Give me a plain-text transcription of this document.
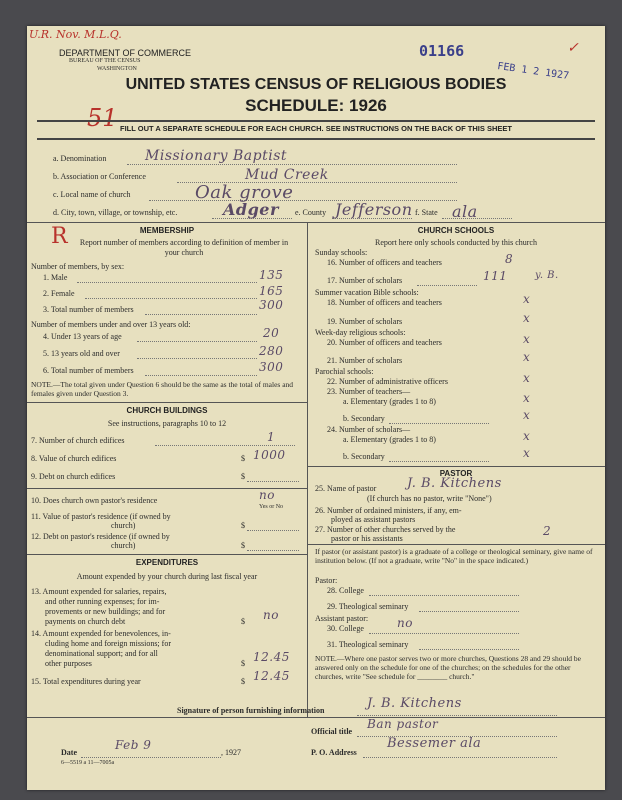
U.R. Nov. M.L.Q.
DEPARTMENT OF COMMERCE
BUREAU OF THE CENSUS
WASHINGTON
01166
FEB 1 2 1927
✓
UNITED STATES CENSUS OF RELIGIOUS BODIES
SCHEDULE: 1926
51 FILL OUT A SEPARATE SCHEDULE FOR EACH CHURCH. SEE INSTRUCTIONS ON THE BACK OF THIS SHEET
a. Denomination	Missionary Baptist
b. Association or Conference	Mud Creek
c. Local name of church	Oak grove
d. City, town, village, or township, etc.	Adger e. County Jefferson f. State ala
R	MEMBERSHIP
Report number of members according to definition of member in your church
Number of members, by sex:
1. Male	135
2. Female	165
3. Total number of members	300
Number of members under and over 13 years old:
4. Under 13 years of age	20
5. 13 years old and over	280
6. Total number of members	300
NOTE.—The total given under Question 6 should be the same as the total of males and females given under Question 3.
CHURCH BUILDINGS
See instructions, paragraphs 10 to 12
7. Number of church edifices	1
8. Value of church edifices	$ 1000
9. Debt on church edifices	$
10. Does church own pastor's residence	no
Yes or No
11. Value of pastor's residence (if owned by
church)	$
12. Debt on pastor's residence (if owned by
church)	$
EXPENDITURES
Amount expended by your church during last fiscal year
13. Amount expended for salaries, repairs,
and other running expenses; for im-
provements or new buildings; and for
payments on church debt	$ no
14. Amount expended for benevolences, in-
cluding home and foreign missions; for
denominational support; and for all
other purposes	$ 12.45
15. Total expenditures during year	$ 12.45
CHURCH SCHOOLS
Report here only schools conducted by this church
Sunday schools:
16. Number of officers and teachers	8
17. Number of scholars	111	y. B.
Summer vacation Bible schools:
18. Number of officers and teachers	x
19. Number of scholars	x
Week-day religious schools:
20. Number of officers and teachers	x
21. Number of scholars	x
Parochial schools:
22. Number of administrative officers	x
23. Number of teachers—
a. Elementary (grades 1 to 8)	x
b. Secondary	x
24. Number of scholars—
a. Elementary (grades 1 to 8)	x
b. Secondary	x
PASTOR
25. Name of pastor J. B. Kitchens
(If church has no pastor, write "None")
26. Number of ordained ministers, if any, em-
ployed as assistant pastors
27. Number of other churches served by the
pastor or his assistants
2
If pastor (or assistant pastor) is a graduate of a college or theological seminary, give name of institution below. (If not a graduate, write "No" in the space indicated.)
Pastor:
28. College
29. Theological seminary
Assistant pastor:
30. College	no
31. Theological seminary
NOTE.—Where one pastor serves two or more churches, Questions 28 and 29 should be answered only on the schedule for one of the churches; on the schedules for the other churches, write "See schedule for ________ church."
Signature of person furnishing information	J. B. Kitchens
Official title
Ban pastor
Date
Feb 9
, 1927	P. O. Address
Bessemer ala
6—5519 a 11—7005a
